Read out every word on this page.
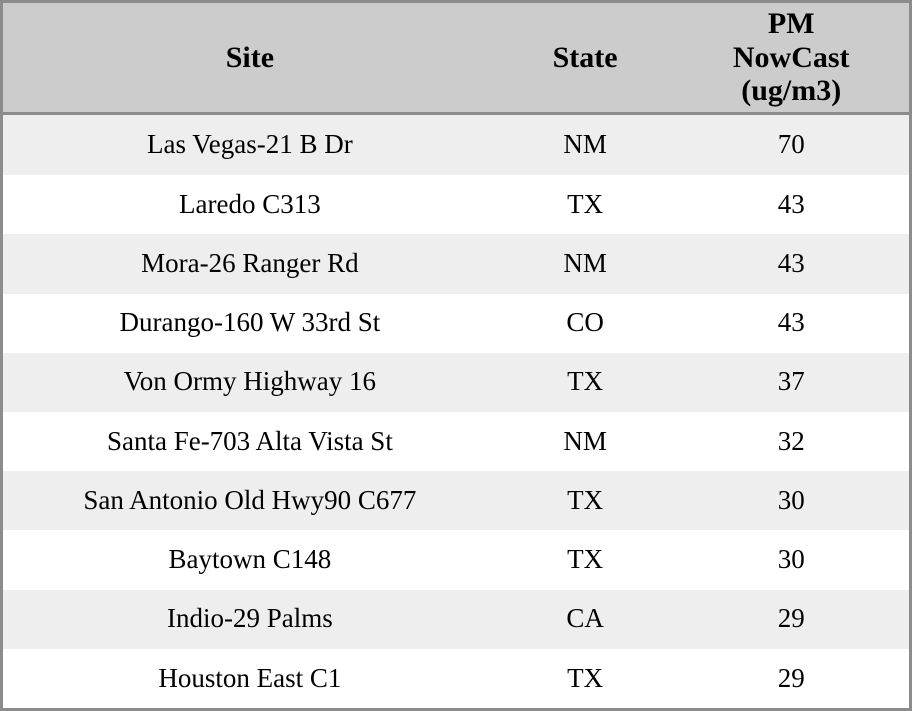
Site	State	PM
NowCast
(ug/m3)
Las Vegas-21 B Dr	NM	70
Laredo C313	TX	43
Mora-26 Ranger Rd	NM	43
Durango-160 W 33rd St	CO	43
Von Ormy Highway 16	TX	37
Santa Fe-703 Alta Vista St	NM	32
San Antonio Old Hwy90 C677	TX	30
Baytown C148	TX	30
Indio-29 Palms	CA	29
Houston East C1	TX	29
